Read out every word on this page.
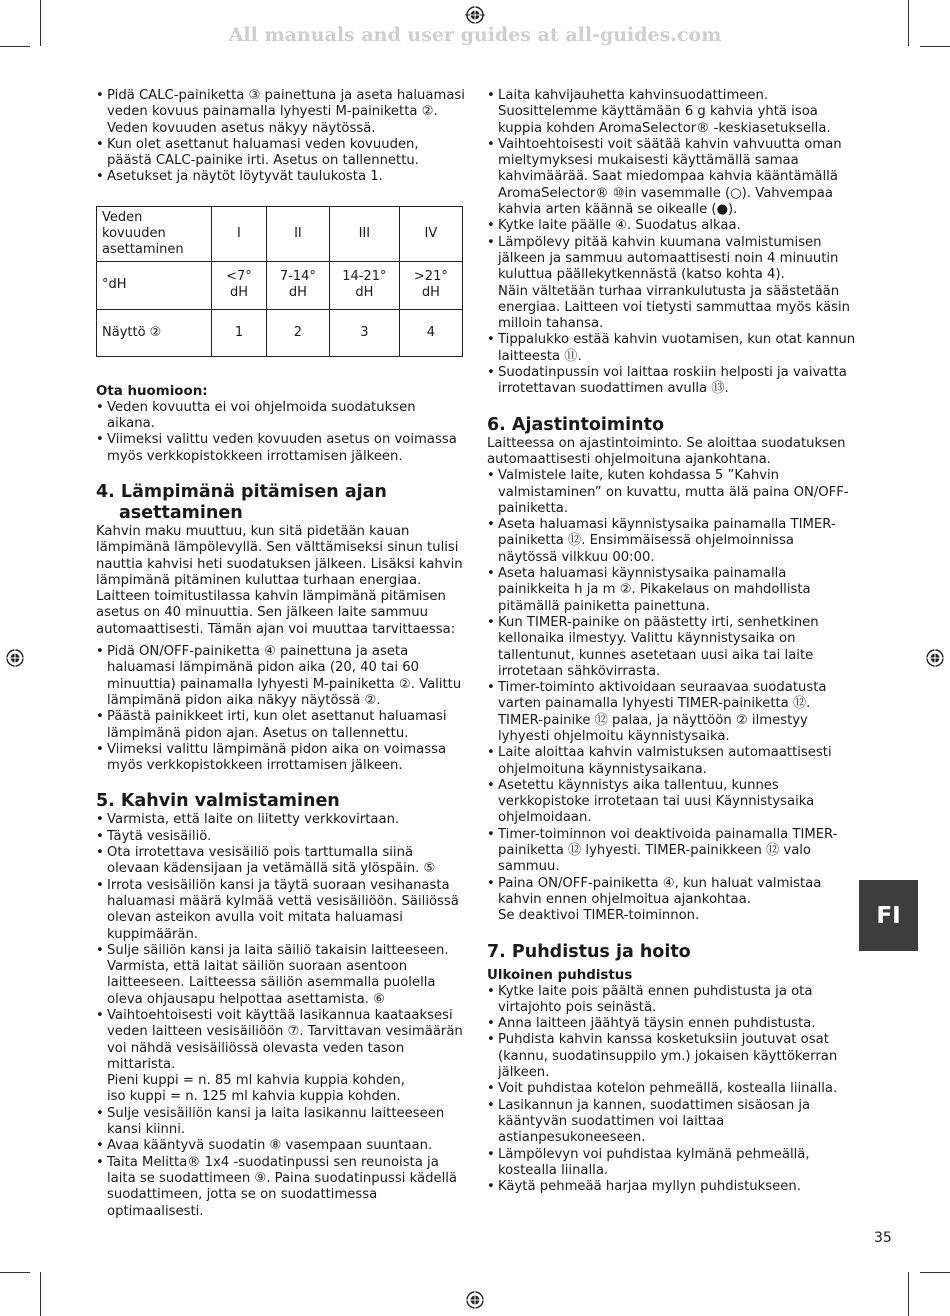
All manuals and user guides at all-guides.com
• Pidä CALC-painiketta ③ painettuna ja aseta haluamasi veden kovuus painamalla lyhyesti M-painiketta ②. Veden kovuuden asetus näkyy näytössä.
• Kun olet asettanut haluamasi veden kovuuden, päästä CALC-painike irti. Asetus on tallennettu.
• Asetukset ja näytöt löytyvät taulukosta 1.
Veden kovuuden asettaminen	I	II	III	IV
°dH	<7° dH	7-14° dH	14-21° dH	>21° dH
Näyttö ②	1	2	3	4
Ota huomioon:
• Veden kovuutta ei voi ohjelmoida suodatuksen aikana.
• Viimeksi valittu veden kovuuden asetus on voimassa myös verkkopistokkeen irrottamisen jälkeen.
4. Lämpimänä pitämisen ajan
asettaminen

Kahvin maku muuttuu, kun sitä pidetään kauan lämpimänä lämpölevyllä. Sen välttämiseksi sinun tulisi nauttia kahvisi heti suodatuksen jälkeen. Lisäksi kahvin lämpimänä pitäminen kuluttaa turhaan energiaa. Laitteen toimitustilassa kahvin lämpimänä pitämisen asetus on 40 minuuttia. Sen jälkeen laite sammuu automaattisesti. Tämän ajan voi muuttaa tarvittaessa:

• Pidä ON/OFF-painiketta ④ painettuna ja aseta haluamasi lämpimänä pidon aika (20, 40 tai 60 minuuttia) painamalla lyhyesti M-painiketta ②. Valittu lämpimänä pidon aika näkyy näytössä ②.
• Päästä painikkeet irti, kun olet asettanut haluamasi lämpimänä pidon ajan. Asetus on tallennettu.
• Viimeksi valittu lämpimänä pidon aika on voimassa myös verkkopistokkeen irrottamisen jälkeen.
5. Kahvin valmistaminen
• Varmista, että laite on liitetty verkkovirtaan.
• Täytä vesisäiliö.
• Ota irrotettava vesisäiliö pois tarttumalla siinä olevaan kädensijaan ja vetämällä sitä ylöspäin. ⑤
• Irrota vesisäiliön kansi ja täytä suoraan vesihanasta haluamasi määrä kylmää vettä vesisäiliöön. Säiliössä olevan asteikon avulla voit mitata haluamasi kuppimäärän.
• Sulje säiliön kansi ja laita säiliö takaisin laitteeseen. Varmista, että laitat säiliön suoraan asentoon laitteeseen. Laitteessa säiliön asemmalla puolella oleva ohjausapu helpottaa asettamista. ⑥
• Vaihtoehtoisesti voit käyttää lasikannua kaataaksesi veden laitteen vesisäiliöön ⑦. Tarvittavan vesimäärän voi nähdä vesisäiliössä olevasta veden tason mittarista.
Pieni kuppi = n. 85 ml kahvia kuppia kohden,
iso kuppi = n. 125 ml kahvia kuppia kohden.
• Sulje vesisäiliön kansi ja laita lasikannu laitteeseen kansi kiinni.
• Avaa kääntyvä suodatin ⑧ vasempaan suuntaan.
• Taita Melitta® 1x4 -suodatinpussi sen reunoista ja laita se suodattimeen ⑨. Paina suodatinpussi kädellä suodattimeen, jotta se on suodattimessa optimaalisesti.
• Laita kahvijauhetta kahvinsuodattimeen. Suosittelemme käyttämään 6 g kahvia yhtä isoa kuppia kohden AromaSelector® -keskiasetuksella.
• Vaihtoehtoisesti voit säätää kahvin vahvuutta oman mieltymyksesi mukaisesti käyttämällä samaa kahvimäärää. Saat miedompaa kahvia kääntämällä AromaSelector® ⑩in vasemmalle (○). Vahvempaa kahvia arten käännä se oikealle (●).
• Kytke laite päälle ④. Suodatus alkaa.
• Lämpölevy pitää kahvin kuumana valmistumisen jälkeen ja sammuu automaattisesti noin 4 minuutin kuluttua päällekytkennästä (katso kohta 4).
Näin vältetään turhaa virrankulutusta ja säästetään energiaa. Laitteen voi tietysti sammuttaa myös käsin milloin tahansa.
• Tippalukko estää kahvin vuotamisen, kun otat kannun laitteesta ⑪.
• Suodatinpussin voi laittaa roskiin helposti ja vaivatta irrotettavan suodattimen avulla ⑬.
6. Ajastintoiminto

Laitteessa on ajastintoiminto. Se aloittaa suodatuksen automaattisesti ohjelmoituna ajankohtana.

• Valmistele laite, kuten kohdassa 5 ”Kahvin valmistaminen” on kuvattu, mutta älä paina ON/OFF-painiketta.
• Aseta haluamasi käynnistysaika painamalla TIMER-painiketta ⑫. Ensimmäisessä ohjelmoinnissa näytössä vilkkuu 00:00.
• Aseta haluamasi käynnistysaika painamalla painikkeita h ja m ②. Pikakelaus on mahdollista pitämällä painiketta painettuna.
• Kun TIMER-painike on päästetty irti, senhetkinen kellonaika ilmestyy. Valittu käynnistysaika on tallentunut, kunnes asetetaan uusi aika tai laite irrotetaan sähkövirrasta.
• Timer-toiminto aktivoidaan seuraavaa suodatusta varten painamalla lyhyesti TIMER-painiketta ⑫. TIMER-painike ⑫ palaa, ja näyttöön ② ilmestyy lyhyesti ohjelmoitu käynnistysaika.
• Laite aloittaa kahvin valmistuksen automaattisesti ohjelmoituna käynnistysaikana.
• Asetettu käynnistys aika tallentuu, kunnes verkkopistoke irrotetaan tai uusi Käynnistysaika ohjelmoidaan.
• Timer-toiminnon voi deaktivoida painamalla TIMER-painiketta ⑫ lyhyesti. TIMER-painikkeen ⑫ valo sammuu.
• Paina ON/OFF-painiketta ④, kun haluat valmistaa kahvin ennen ohjelmoitua ajankohtaa.
Se deaktivoi TIMER-toiminnon.
7. Puhdistus ja hoito
Ulkoinen puhdistus
• Kytke laite pois päältä ennen puhdistusta ja ota virtajohto pois seinästä.
• Anna laitteen jäähtyä täysin ennen puhdistusta.
• Puhdista kahvin kanssa kosketuksiin joutuvat osat (kannu, suodatinsuppilo ym.) jokaisen käyttökerran jälkeen.
• Voit puhdistaa kotelon pehmeällä, kostealla liinalla.
• Lasikannun ja kannen, suodattimen sisäosan ja kääntyvän suodattimen voi laittaa astianpesukoneeseen.
• Lämpölevyn voi puhdistaa kylmänä pehmeällä, kostealla liinalla.
• Käytä pehmeää harjaa myllyn puhdistukseen.
FI
35
